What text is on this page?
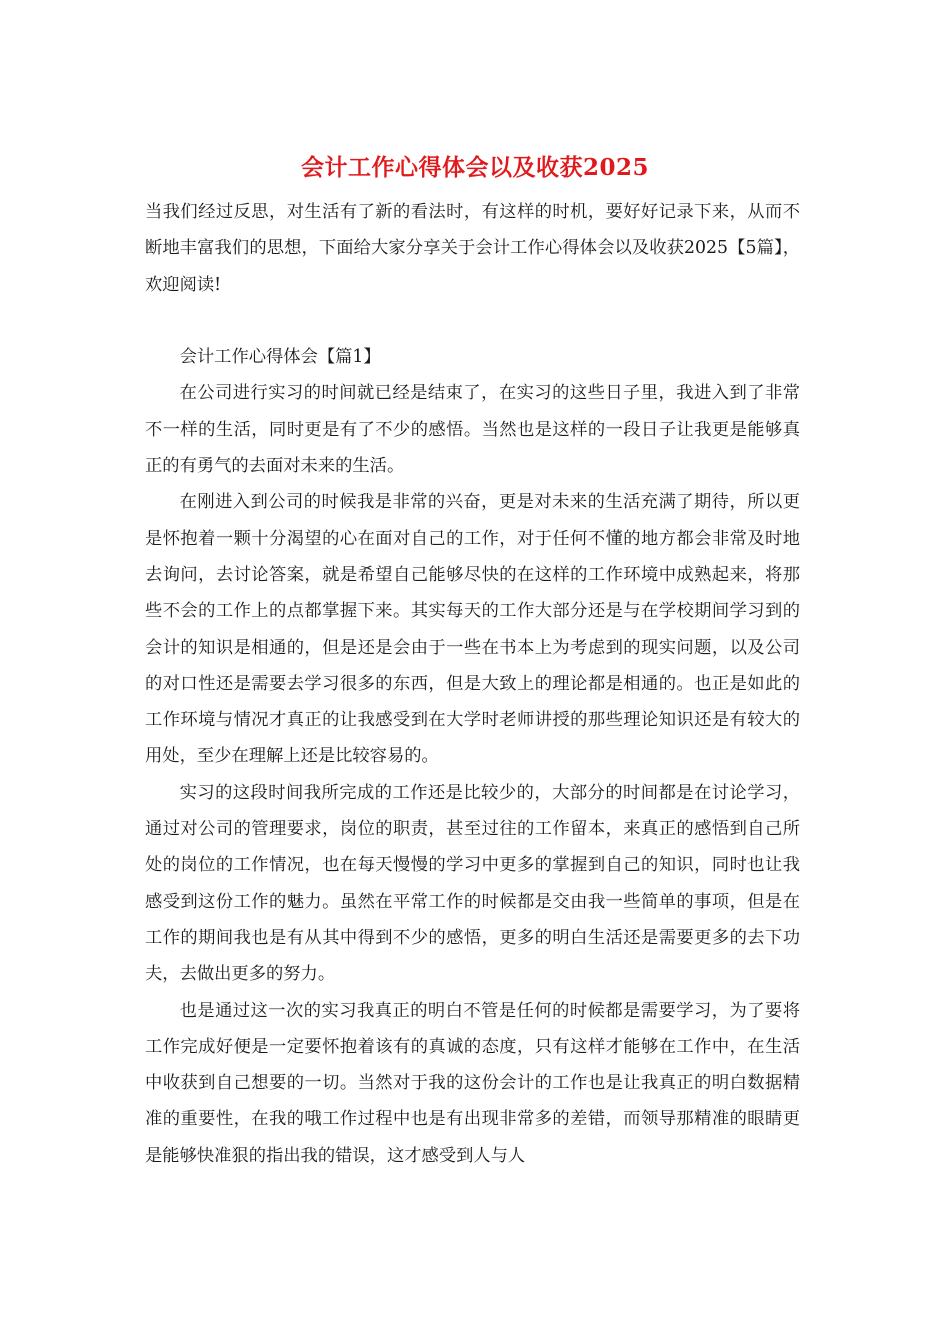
会计工作心得体会以及收获2025

当我们经过反思，对生活有了新的看法时，有这样的时机，要好好记录下来，从而不断地丰富我们的思想，下面给大家分享关于会计工作心得体会以及收获2025【5篇】，欢迎阅读!

会计工作心得体会【篇1】

在公司进行实习的时间就已经是结束了，在实习的这些日子里，我进入到了非常不一样的生活，同时更是有了不少的感悟。当然也是这样的一段日子让我更是能够真正的有勇气的去面对未来的生活。

在刚进入到公司的时候我是非常的兴奋，更是对未来的生活充满了期待，所以更是怀抱着一颗十分渴望的心在面对自己的工作，对于任何不懂的地方都会非常及时地去询问，去讨论答案，就是希望自己能够尽快的在这样的工作环境中成熟起来，将那些不会的工作上的点都掌握下来。其实每天的工作大部分还是与在学校期间学习到的会计的知识是相通的，但是还是会由于一些在书本上为考虑到的现实问题，以及公司的对口性还是需要去学习很多的东西，但是大致上的理论都是相通的。也正是如此的工作环境与情况才真正的让我感受到在大学时老师讲授的那些理论知识还是有较大的用处，至少在理解上还是比较容易的。

实习的这段时间我所完成的工作还是比较少的，大部分的时间都是在讨论学习，通过对公司的管理要求，岗位的职责，甚至过往的工作留本，来真正的感悟到自己所处的岗位的工作情况，也在每天慢慢的学习中更多的掌握到自己的知识，同时也让我感受到这份工作的魅力。虽然在平常工作的时候都是交由我一些简单的事项，但是在工作的期间我也是有从其中得到不少的感悟，更多的明白生活还是需要更多的去下功夫，去做出更多的努力。

也是通过这一次的实习我真正的明白不管是任何的时候都是需要学习，为了要将工作完成好便是一定要怀抱着该有的真诚的态度，只有这样才能够在工作中，在生活中收获到自己想要的一切。当然对于我的这份会计的工作也是让我真正的明白数据精准的重要性，在我的哦工作过程中也是有出现非常多的差错，而领导那精准的眼睛更是能够快准狠的指出我的错误，这才感受到人与人
